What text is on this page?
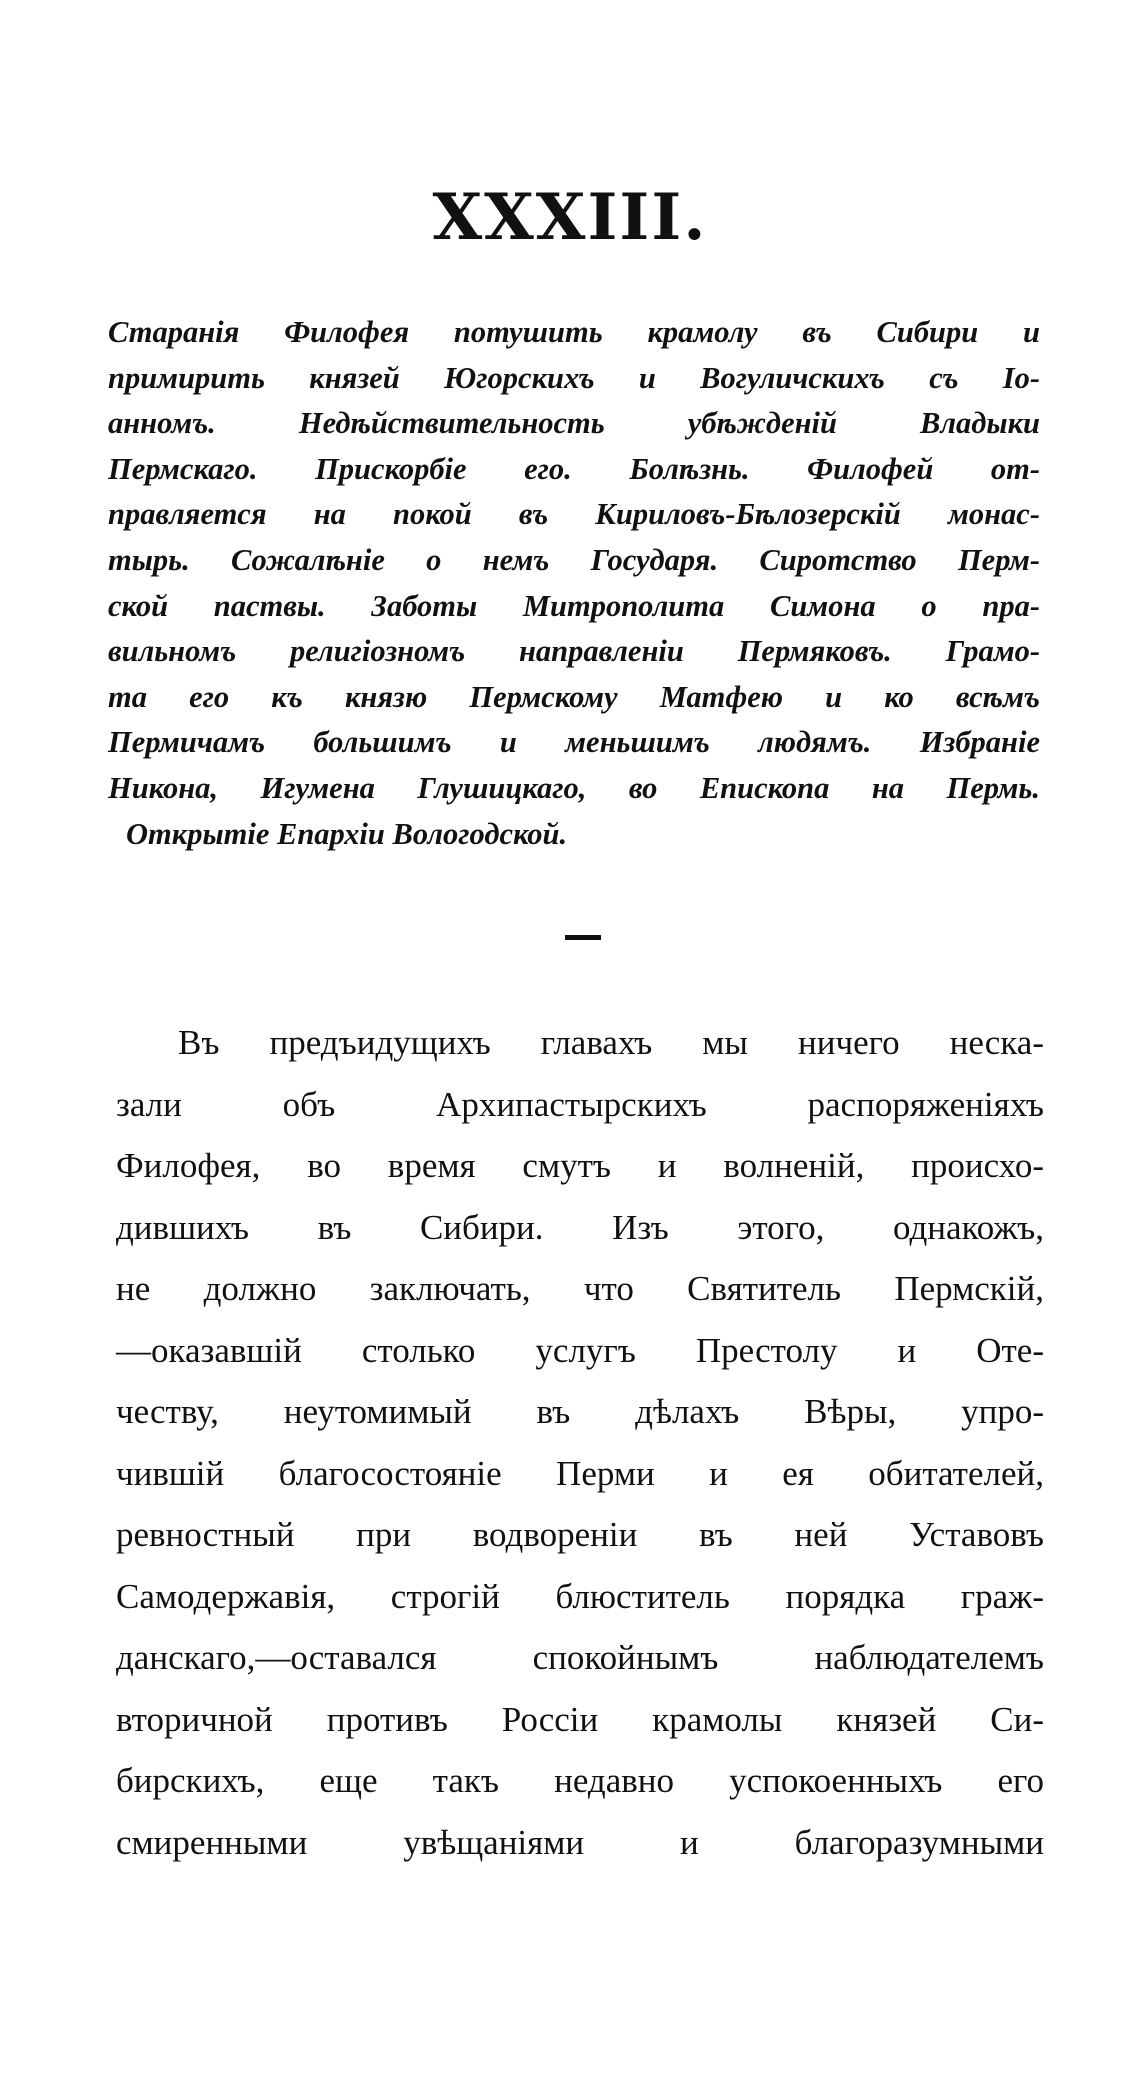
XXXIII.
Старанія Филофея потушить крамолу въ Сибири и
примирить князей Югорскихъ и Вогуличскихъ съ Іо-
анномъ. Недѣйствительность убѣжденій Владыки
Пермскаго. Прискорбіе его. Болѣзнь. Филофей от-
правляется на покой въ Кириловъ-Бѣлозерскій монас-
тырь. Сожалѣніе о немъ Государя. Сиротство Перм-
ской паствы. Заботы Митрополита Симона о пра-
вильномъ религіозномъ направленіи Пермяковъ. Грамо-
та его къ князю Пермскому Матфею и ко всѣмъ
Пермичамъ большимъ и меньшимъ людямъ. Избраніе
Никона, Игумена Глушицкаго, во Епископа на Пермь.
Открытіе Епархіи Вологодской.
Въ предъидущихъ главахъ мы ничего неска-
зали объ Архипастырскихъ распоряженіяхъ
Филофея, во время смутъ и волненій, происхо-
дившихъ въ Сибири. Изъ этого, однакожъ,
не должно заключать, что Святитель Пермскій,
—оказавшій столько услугъ Престолу и Оте-
честву, неутомимый въ дѣлахъ Вѣры, упро-
чившій благосостояніе Перми и ея обитателей,
ревностный при водвореніи въ ней Уставовъ
Самодержавія, строгій блюститель порядка граж-
данскаго,—оставался спокойнымъ наблюдателемъ
вторичной противъ Россіи крамолы князей Си-
бирскихъ, еще такъ недавно успокоенныхъ его
смиренными увѣщаніями и благоразумными
